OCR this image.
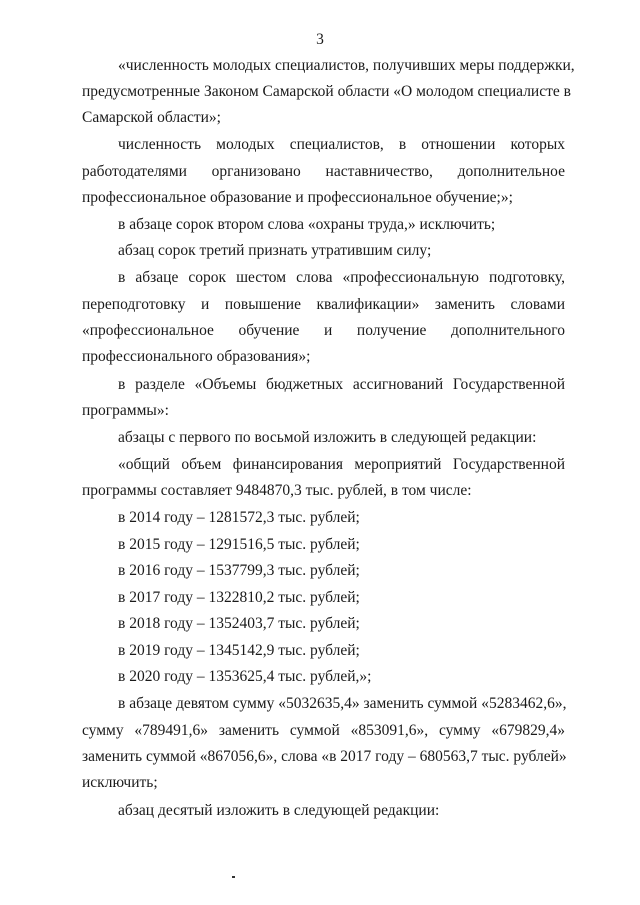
3
«численность молодых специалистов, получивших меры поддержки,
предусмотренные Законом Самарской области «О молодом специалисте в
Самарской области»;
численность молодых специалистов, в отношении которых
работодателями организовано наставничество, дополнительное
профессиональное образование и профессиональное обучение;»;
в абзаце сорок втором слова «охраны труда,» исключить;
абзац сорок третий признать утратившим силу;
в абзаце сорок шестом слова «профессиональную подготовку,
переподготовку и повышение квалификации» заменить словами
«профессиональное обучение и получение дополнительного
профессионального образования»;
в разделе «Объемы бюджетных ассигнований Государственной
программы»:
абзацы с первого по восьмой изложить в следующей редакции:
«общий объем финансирования мероприятий Государственной
программы составляет 9484870,3 тыс. рублей, в том числе:
в 2014 году – 1281572,3 тыс. рублей;
в 2015 году – 1291516,5 тыс. рублей;
в 2016 году – 1537799,3 тыс. рублей;
в 2017 году – 1322810,2 тыс. рублей;
в 2018 году – 1352403,7 тыс. рублей;
в 2019 году – 1345142,9 тыс. рублей;
в 2020 году – 1353625,4 тыс. рублей,»;
в абзаце девятом сумму «5032635,4» заменить суммой «5283462,6»,
сумму «789491,6» заменить суммой «853091,6», сумму «679829,4»
заменить суммой «867056,6», слова «в 2017 году – 680563,7 тыс. рублей»
исключить;
абзац десятый изложить в следующей редакции:
